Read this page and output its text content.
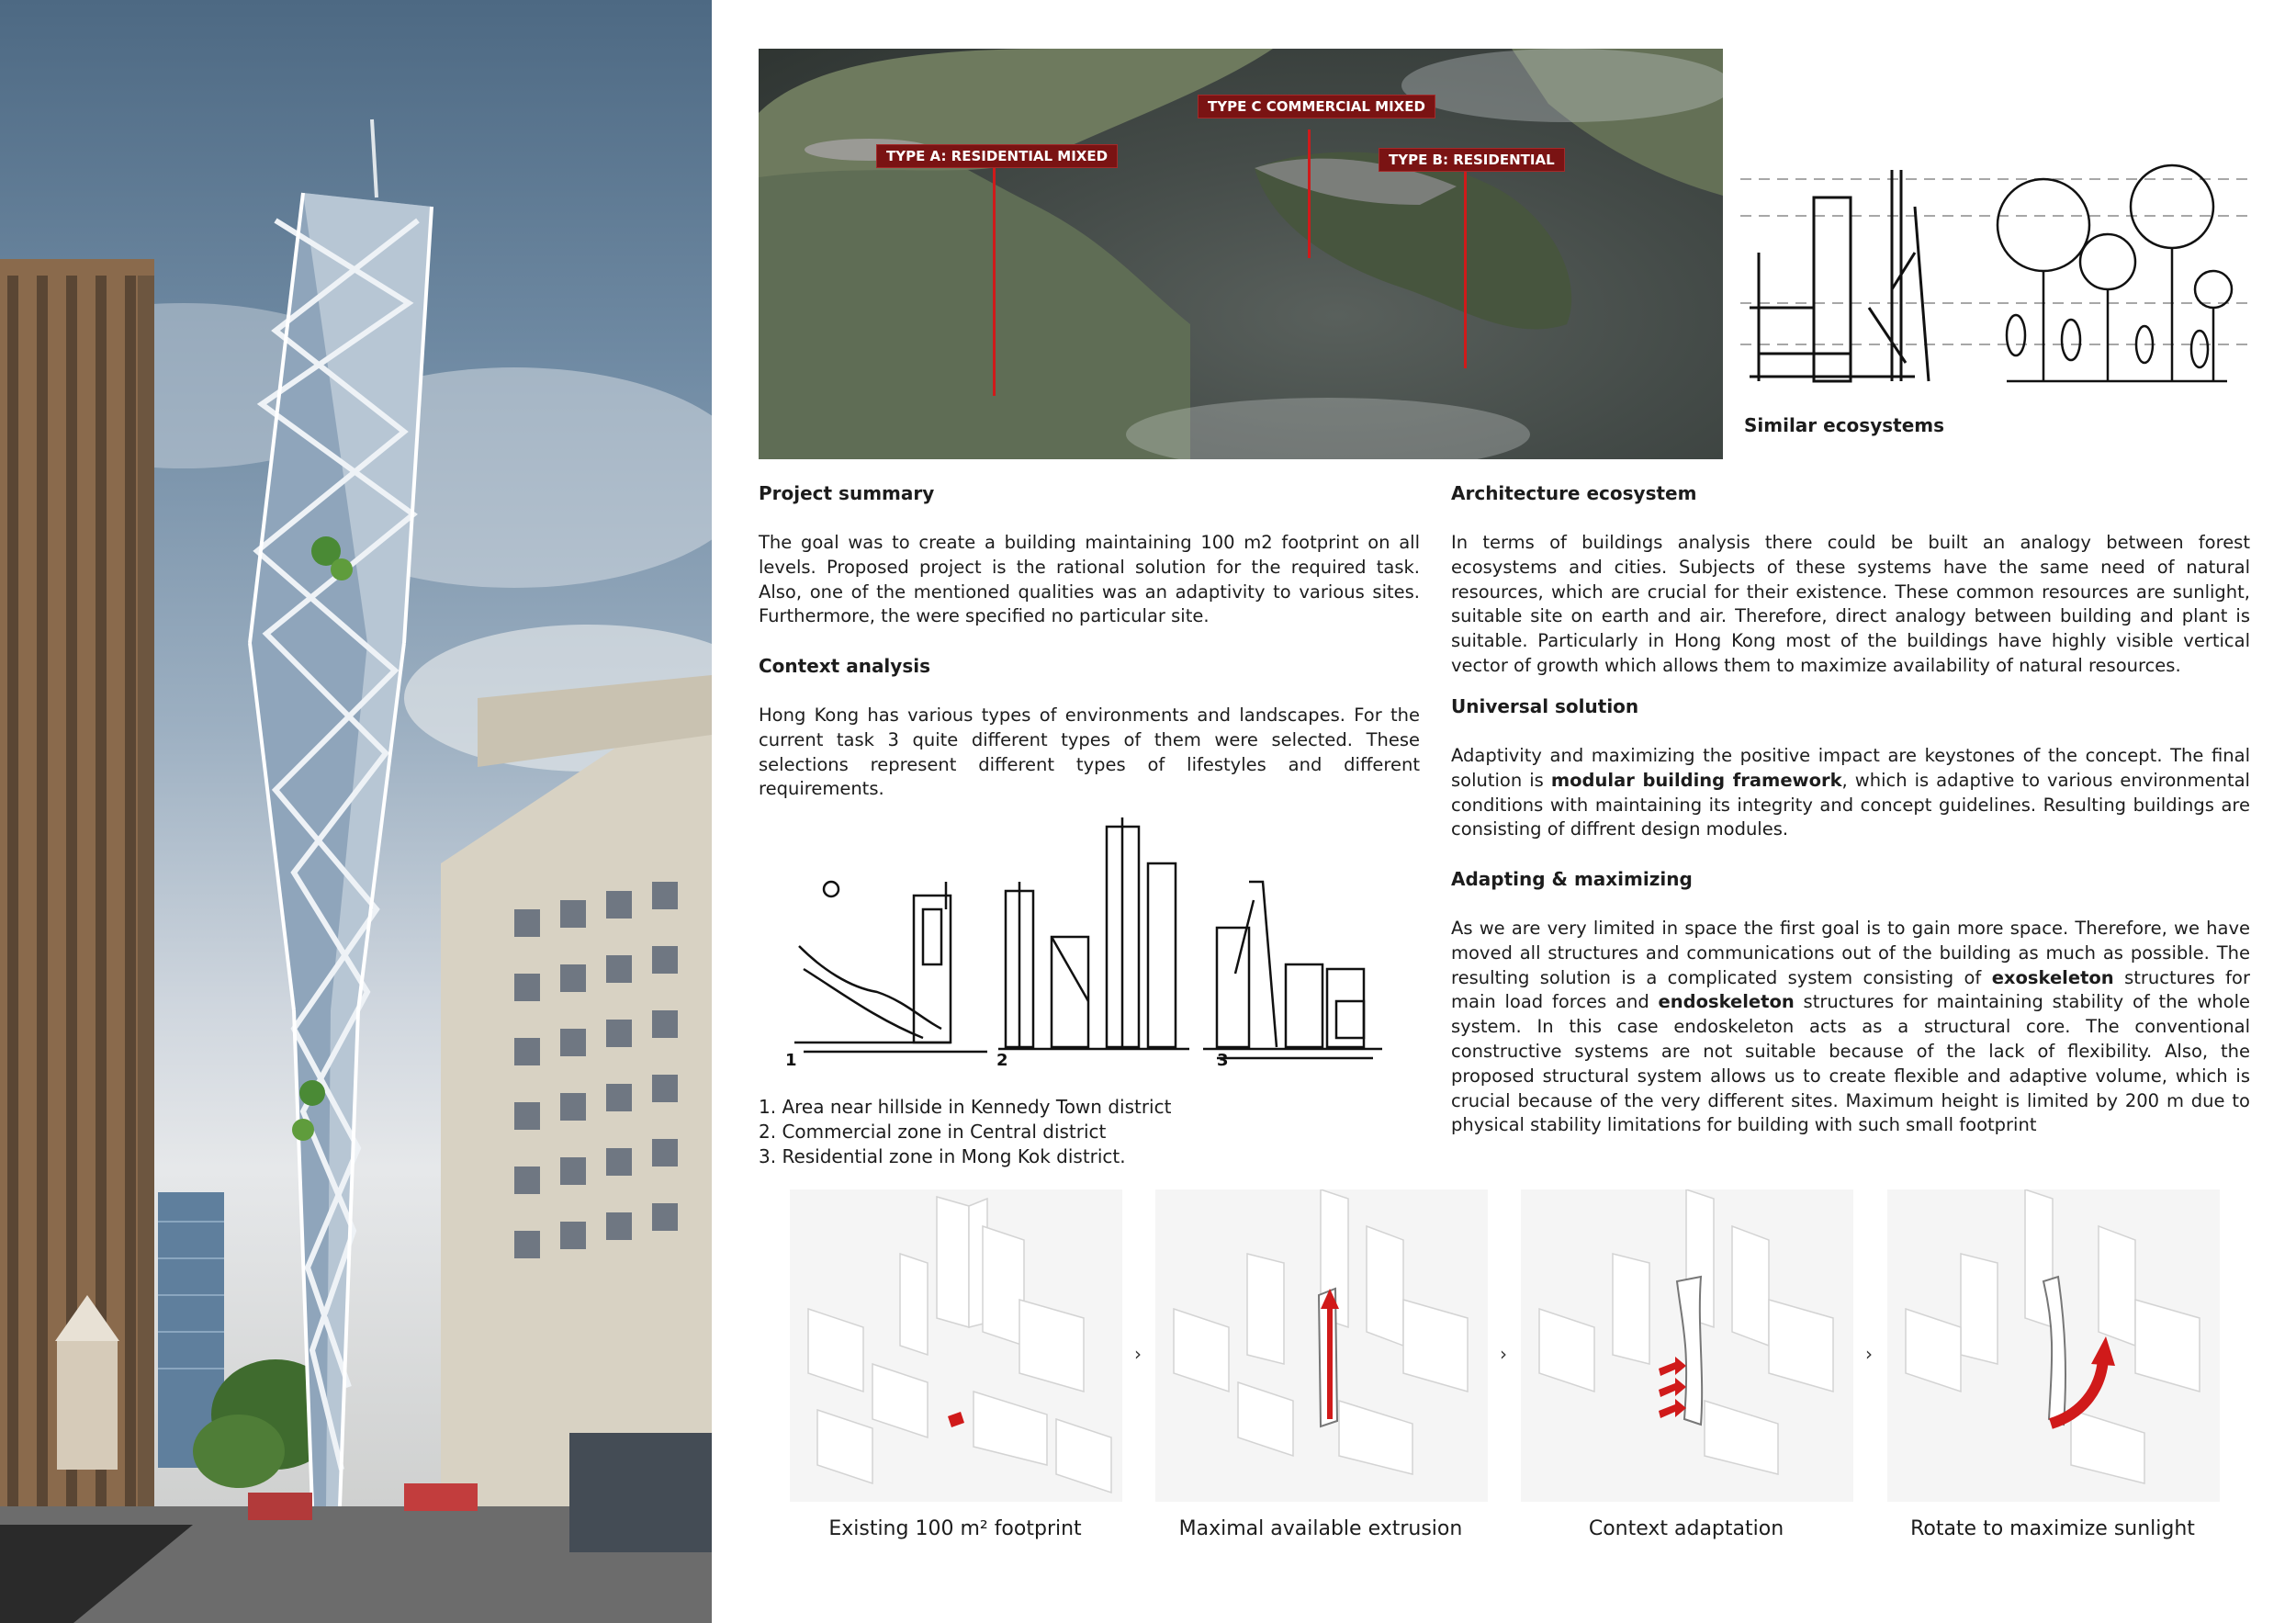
TYPE A: RESIDENTIAL MIXED
TYPE C COMMERCIAL MIXED
TYPE B: RESIDENTIAL
Similar ecosystems
Project summary
The goal was to create a building maintaining 100 m2 footprint on all levels. Proposed project is the rational solution for the required task. Also, one of the mentioned qualities was an adaptivity to various sites. Furthermore, the were specified no particular site.
Context analysis
Hong Kong has various types of environments and landscapes. For the current task 3 quite different types of them were selected. These selections represent different types of lifestyles and different requirements.
1	2	3
1. Area near hillside in Kennedy Town district
2. Commercial zone in Central district
3. Residential zone in Mong Kok district.
Architecture ecosystem
In terms of buildings analysis there could be built an analogy between forest ecosystems and cities. Subjects of these systems have the same need of natural resources, which are crucial for their existence. These common resources are sunlight, suitable site on earth and air. Therefore, direct analogy between building and plant is suitable. Particularly in Hong Kong most of the buildings have highly visible vertical vector of growth which allows them to maximize availability of natural resources.
Universal solution
Adaptivity and maximizing the positive impact are keystones of the concept. The final solution is modular building framework, which is adaptive to various environmental conditions with maintaining its integrity and concept guidelines. Resulting buildings are consisting of diffrent design modules.
Adapting & maximizing
As we are very limited in space the first goal is to gain more space. Therefore, we have moved all structures and communications out of the building as much as possible. The resulting solution is a complicated system consisting of exoskeleton structures for main load forces and endoskeleton structures for maintaining stability of the whole system. In this case endoskeleton acts as a structural core. The conventional constructive systems are not suitable because of the lack of flexibility. Also, the proposed structural system allows us to create flexible and adaptive volume, which is crucial because of the very different sites. Maximum height is limited by 200 m due to physical stability limitations for building with such small footprint
›	›	›
Existing 100 m² footprint	Maximal available extrusion	Context adaptation	Rotate to maximize sunlight
